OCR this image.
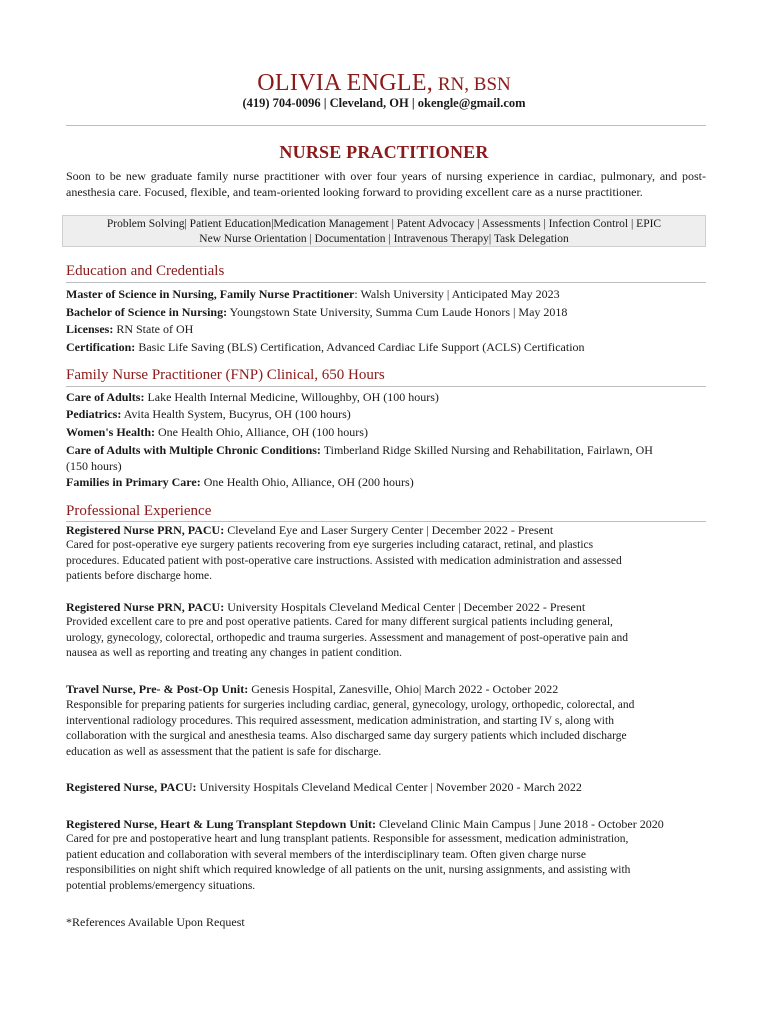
OLIVIA ENGLE, RN, BSN
(419) 704-0096 | Cleveland, OH | okengle@gmail.com
NURSE PRACTITIONER
Soon to be new graduate family nurse practitioner with over four years of nursing experience in cardiac, pulmonary, and post-anesthesia care. Focused, flexible, and team-oriented looking forward to providing excellent care as a nurse practitioner.
Problem Solving| Patient Education|Medication Management | Patent Advocacy | Assessments | Infection Control | EPIC
New Nurse Orientation | Documentation | Intravenous Therapy| Task Delegation
Education and Credentials
Master of Science in Nursing, Family Nurse Practitioner: Walsh University | Anticipated May 2023
Bachelor of Science in Nursing: Youngstown State University, Summa Cum Laude Honors | May 2018
Licenses: RN State of OH
Certification: Basic Life Saving (BLS) Certification, Advanced Cardiac Life Support (ACLS) Certification
Family Nurse Practitioner (FNP) Clinical, 650 Hours
Care of Adults: Lake Health Internal Medicine, Willoughby, OH (100 hours)
Pediatrics: Avita Health System, Bucyrus, OH (100 hours)
Women's Health: One Health Ohio, Alliance, OH (100 hours)
Care of Adults with Multiple Chronic Conditions: Timberland Ridge Skilled Nursing and Rehabilitation, Fairlawn, OH
(150 hours)
Families in Primary Care: One Health Ohio, Alliance, OH (200 hours)
Professional Experience
Registered Nurse PRN, PACU: Cleveland Eye and Laser Surgery Center | December 2022 - Present
Cared for post-operative eye surgery patients recovering from eye surgeries including cataract, retinal, and plastics
procedures. Educated patient with post-operative care instructions. Assisted with medication administration and assessed
patients before discharge home.
Registered Nurse PRN, PACU: University Hospitals Cleveland Medical Center | December 2022 - Present
Provided excellent care to pre and post operative patients. Cared for many different surgical patients including general,
urology, gynecology, colorectal, orthopedic and trauma surgeries. Assessment and management of post-operative pain and
nausea as well as reporting and treating any changes in patient condition.
Travel Nurse, Pre- & Post-Op Unit: Genesis Hospital, Zanesville, Ohio| March 2022 - October 2022
Responsible for preparing patients for surgeries including cardiac, general, gynecology, urology, orthopedic, colorectal, and
interventional radiology procedures. This required assessment, medication administration, and starting IV s, along with
collaboration with the surgical and anesthesia teams. Also discharged same day surgery patients which included discharge
education as well as assessment that the patient is safe for discharge.
Registered Nurse, PACU: University Hospitals Cleveland Medical Center | November 2020 - March 2022
Registered Nurse, Heart & Lung Transplant Stepdown Unit: Cleveland Clinic Main Campus | June 2018 - October 2020
Cared for pre and postoperative heart and lung transplant patients. Responsible for assessment, medication administration,
patient education and collaboration with several members of the interdisciplinary team. Often given charge nurse
responsibilities on night shift which required knowledge of all patients on the unit, nursing assignments, and assisting with
potential problems/emergency situations.
*References Available Upon Request
